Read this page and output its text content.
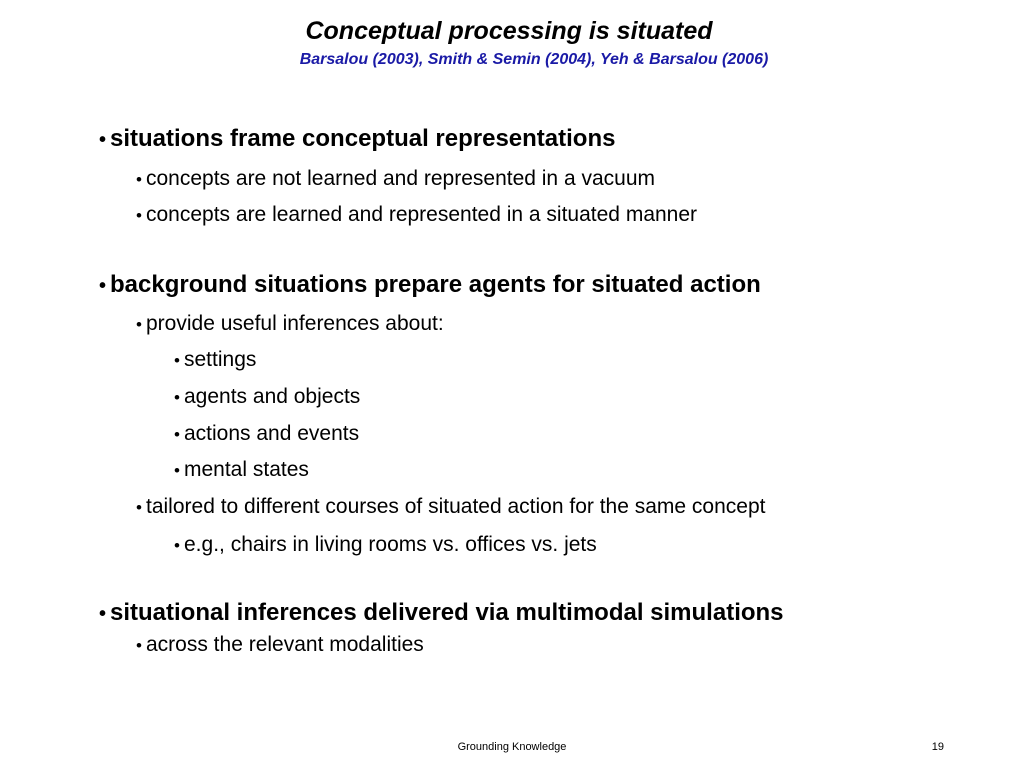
Conceptual processing is situated
Barsalou (2003), Smith & Semin (2004), Yeh & Barsalou (2006)
• situations frame conceptual representations
• concepts are not learned and represented in a vacuum
• concepts are learned and represented in a situated manner
• background situations prepare agents for situated action
• provide useful inferences about:
• settings
• agents and objects
• actions and events
• mental states
• tailored to different courses of situated action for the same concept
• e.g., chairs in living rooms vs. offices vs. jets
• situational inferences delivered via multimodal simulations
• across the relevant modalities
Grounding Knowledge	19
